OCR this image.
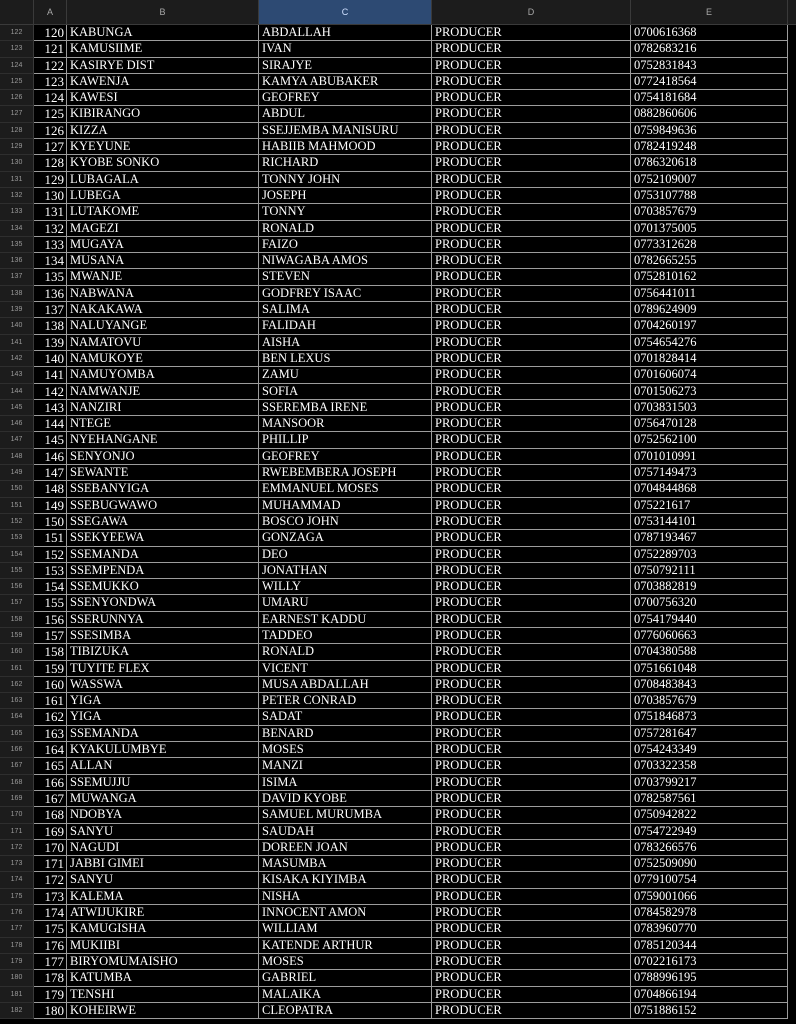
A	B	C	D	E
122	120 KABUNGA	ABDALLAH	PRODUCER	0700616368
123	121 KAMUSIIME	IVAN	PRODUCER	0782683216
124	122 KASIRYE DIST	SIRAJYE	PRODUCER	0752831843
125	123 KAWENJA	KAMYA ABUBAKER	PRODUCER	0772418564
126	124 KAWESI	GEOFREY	PRODUCER	0754181684
127	125 KIBIRANGO	ABDUL	PRODUCER	0882860606
128	126 KIZZA	SSEJJEMBA MANISURU	PRODUCER	0759849636
129	127 KYEYUNE	HABIIB MAHMOOD	PRODUCER	0782419248
130	128 KYOBE SONKO	RICHARD	PRODUCER	0786320618
131	129 LUBAGALA	TONNY JOHN	PRODUCER	0752109007
132	130 LUBEGA	JOSEPH	PRODUCER	0753107788
133	131 LUTAKOME	TONNY	PRODUCER	0703857679
134	132 MAGEZI	RONALD	PRODUCER	0701375005
135	133 MUGAYA	FAIZO	PRODUCER	0773312628
136	134 MUSANA	NIWAGABA AMOS	PRODUCER	0782665255
137	135 MWANJE	STEVEN	PRODUCER	0752810162
138	136 NABWANA	GODFREY ISAAC	PRODUCER	0756441011
139	137 NAKAKAWA	SALIMA	PRODUCER	0789624909
140	138 NALUYANGE	FALIDAH	PRODUCER	0704260197
141	139 NAMATOVU	AISHA	PRODUCER	0754654276
142	140 NAMUKOYE	BEN LEXUS	PRODUCER	0701828414
143	141 NAMUYOMBA	ZAMU	PRODUCER	0701606074
144	142 NAMWANJE	SOFIA	PRODUCER	0701506273
145	143 NANZIRI	SSEREMBA IRENE	PRODUCER	0703831503
146	144 NTEGE	MANSOOR	PRODUCER	0756470128
147	145 NYEHANGANE	PHILLIP	PRODUCER	0752562100
148	146 SENYONJO	GEOFREY	PRODUCER	0701010991
149	147 SEWANTE	RWEBEMBERA JOSEPH	PRODUCER	0757149473
150	148 SSEBANYIGA	EMMANUEL MOSES	PRODUCER	0704844868
151	149 SSEBUGWAWO	MUHAMMAD	PRODUCER	075221617
152	150 SSEGAWA	BOSCO JOHN	PRODUCER	0753144101
153	151 SSEKYEEWA	GONZAGA	PRODUCER	0787193467
154	152 SSEMANDA	DEO	PRODUCER	0752289703
155	153 SSEMPENDA	JONATHAN	PRODUCER	0750792111
156	154 SSEMUKKO	WILLY	PRODUCER	0703882819
157	155 SSENYONDWA	UMARU	PRODUCER	0700756320
158	156 SSERUNNYA	EARNEST KADDU	PRODUCER	0754179440
159	157 SSESIMBA	TADDEO	PRODUCER	0776060663
160	158 TIBIZUKA	RONALD	PRODUCER	0704380588
161	159 TUYITE FLEX	VICENT	PRODUCER	0751661048
162	160 WASSWA	MUSA ABDALLAH	PRODUCER	0708483843
163	161 YIGA	PETER CONRAD	PRODUCER	0703857679
164	162 YIGA	SADAT	PRODUCER	0751846873
165	163 SSEMANDA	BENARD	PRODUCER	0757281647
166	164 KYAKULUMBYE	MOSES	PRODUCER	0754243349
167	165 ALLAN	MANZI	PRODUCER	0703322358
168	166 SSEMUJJU	ISIMA	PRODUCER	0703799217
169	167 MUWANGA	DAVID KYOBE	PRODUCER	0782587561
170	168 NDOBYA	SAMUEL MURUMBA	PRODUCER	0750942822
171	169 SANYU	SAUDAH	PRODUCER	0754722949
172	170 NAGUDI	DOREEN JOAN	PRODUCER	0783266576
173	171 JABBI GIMEI	MASUMBA	PRODUCER	0752509090
174	172 SANYU	KISAKA KIYIMBA	PRODUCER	0779100754
175	173 KALEMA	NISHA	PRODUCER	0759001066
176	174 ATWIJUKIRE	INNOCENT AMON	PRODUCER	0784582978
177	175 KAMUGISHA	WILLIAM	PRODUCER	0783960770
178	176 MUKIIBI	KATENDE ARTHUR	PRODUCER	0785120344
179	177 BIRYOMUMAISHO	MOSES	PRODUCER	0702216173
180	178 KATUMBA	GABRIEL	PRODUCER	0788996195
181	179 TENSHI	MALAIKA	PRODUCER	0704866194
182	180 KOHEIRWE	CLEOPATRA	PRODUCER	0751886152
